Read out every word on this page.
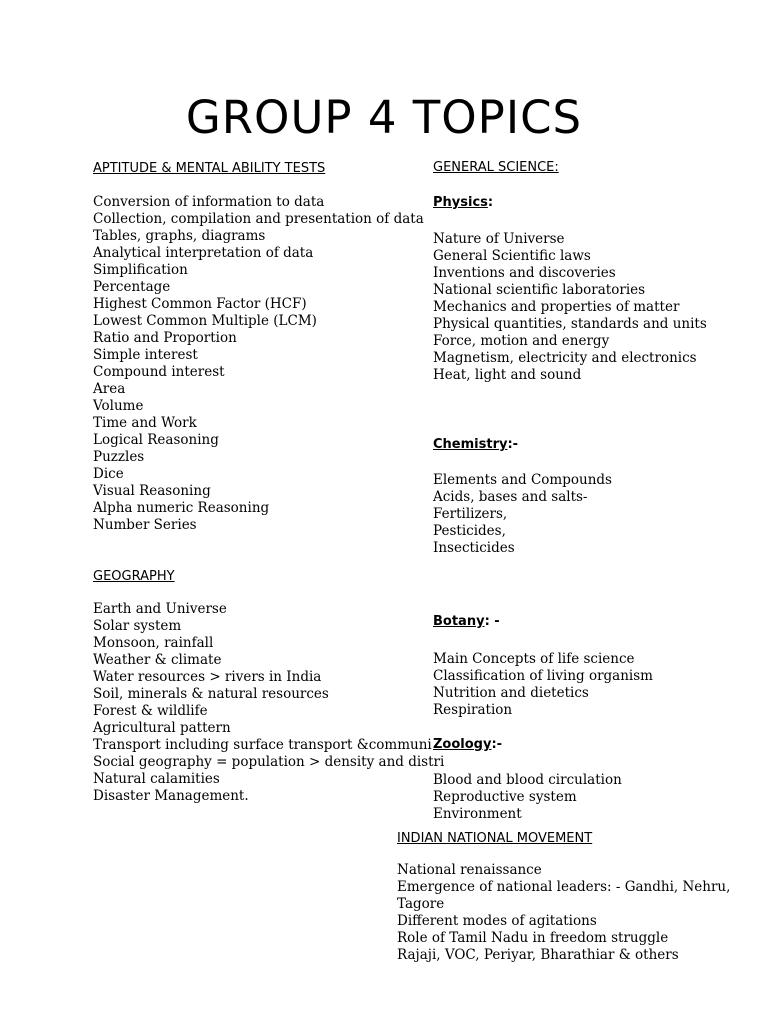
GROUP 4 TOPICS
APTITUDE & MENTAL ABILITY TESTS
Conversion of information to data
Collection, compilation and presentation of data
Tables, graphs, diagrams
Analytical interpretation of data
Simplification
Percentage
Highest Common Factor (HCF)
Lowest Common Multiple (LCM)
Ratio and Proportion
Simple interest
Compound interest
Area
Volume
Time and Work
Logical Reasoning
Puzzles
Dice
Visual Reasoning
Alpha numeric Reasoning
Number Series
GEOGRAPHY
Earth and Universe
Solar system
Monsoon, rainfall
Weather & climate
Water resources > rivers in India
Soil, minerals & natural resources
Forest & wildlife
Agricultural pattern
Transport including surface transport &communi
Social geography = population > density and distri
Natural calamities
Disaster Management.
GENERAL SCIENCE:
Physics:
Nature of Universe
General Scientific laws
Inventions and discoveries
National scientific laboratories
Mechanics and properties of matter
Physical quantities, standards and units
Force, motion and energy
Magnetism, electricity and electronics
Heat, light and sound
Chemistry:-
Elements and Compounds
Acids, bases and salts-
Fertilizers,
Pesticides,
Insecticides
Botany: -
Main Concepts of life science
Classification of living organism
Nutrition and dietetics
Respiration
Zoology:-
Blood and blood circulation
Reproductive system
Environment
INDIAN NATIONAL MOVEMENT
National renaissance
Emergence of national leaders: - Gandhi, Nehru,
Tagore
Different modes of agitations
Role of Tamil Nadu in freedom struggle
Rajaji, VOC, Periyar, Bharathiar & others
